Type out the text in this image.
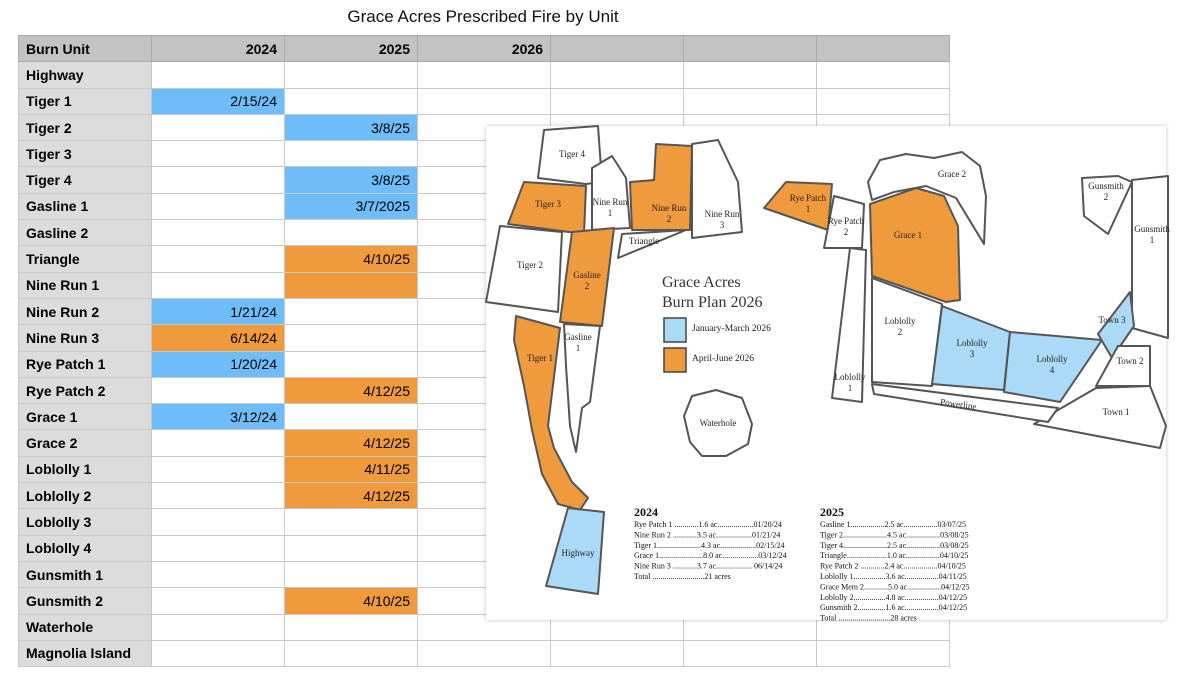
Grace Acres Prescribed Fire by Unit
Burn Unit	2024	2025	2026			
Highway						
Tiger 1	2/15/24					
Tiger 2		3/8/25				
Tiger 3						
Tiger 4		3/8/25				
Gasline 1		3/7/2025				
Gasline 2						
Triangle		4/10/25				
Nine Run 1						
Nine Run 2	1/21/24					
Nine Run 3	6/14/24					
Rye Patch 1	1/20/24					
Rye Patch 2		4/12/25				
Grace 1	3/12/24					
Grace 2		4/12/25				
Loblolly 1		4/11/25				
Loblolly 2		4/12/25				
Loblolly 3						
Loblolly 4						
Gunsmith 1						
Gunsmith 2		4/10/25				
Waterhole						
Magnolia Island						
Tiger 4
Tiger 3	Nine Run 1	Nine Run 2	Nine Run 3
Triangle
Tiger 2
Gasline 2
Tiger 1
Gasline 1
Highway
Waterhole
Rye Patch 1
Rye Patch 2
Grace 2
Grace 1
Gunsmith 2
Gunsmith 1
Loblolly 1
Loblolly 2
Loblolly 3	Loblolly 4
Town 3
Town 2
Town 1
Powerline
Grace Acres
Burn Plan 2026
January-March 2026
April-June 2026
2024
Rye Patch 1 ............1.6 ac..................01/20/24
Nine Run 2 ............3.5 ac..................01/21/24
Tiger 1......................4.3 ac..................02/15/24
Grace 1......................8.0 ac..................03/12/24
Nine Run 3 ............3.7 ac.................. 06/14/24
Total ..........................21 acres
2025
Gasline 1.................2.5 ac.................03/07/25
Tiger 2......................4.5 ac.................03/08/25
Tiger 4......................2.5 ac.................03/08/25
Triangle....................1.0 ac.................04/10/25
Rye Patch 2 ............2.4 ac.................04/10/25
Loblolly 1................3.6 ac.................04/11/25
Grace Mem 2............5.0 ac.................04/12/25
Loblolly 2................4.8 ac.................04/12/25
Gunsmith 2..............1.6 ac.................04/12/25
Total ..........................28 acres
